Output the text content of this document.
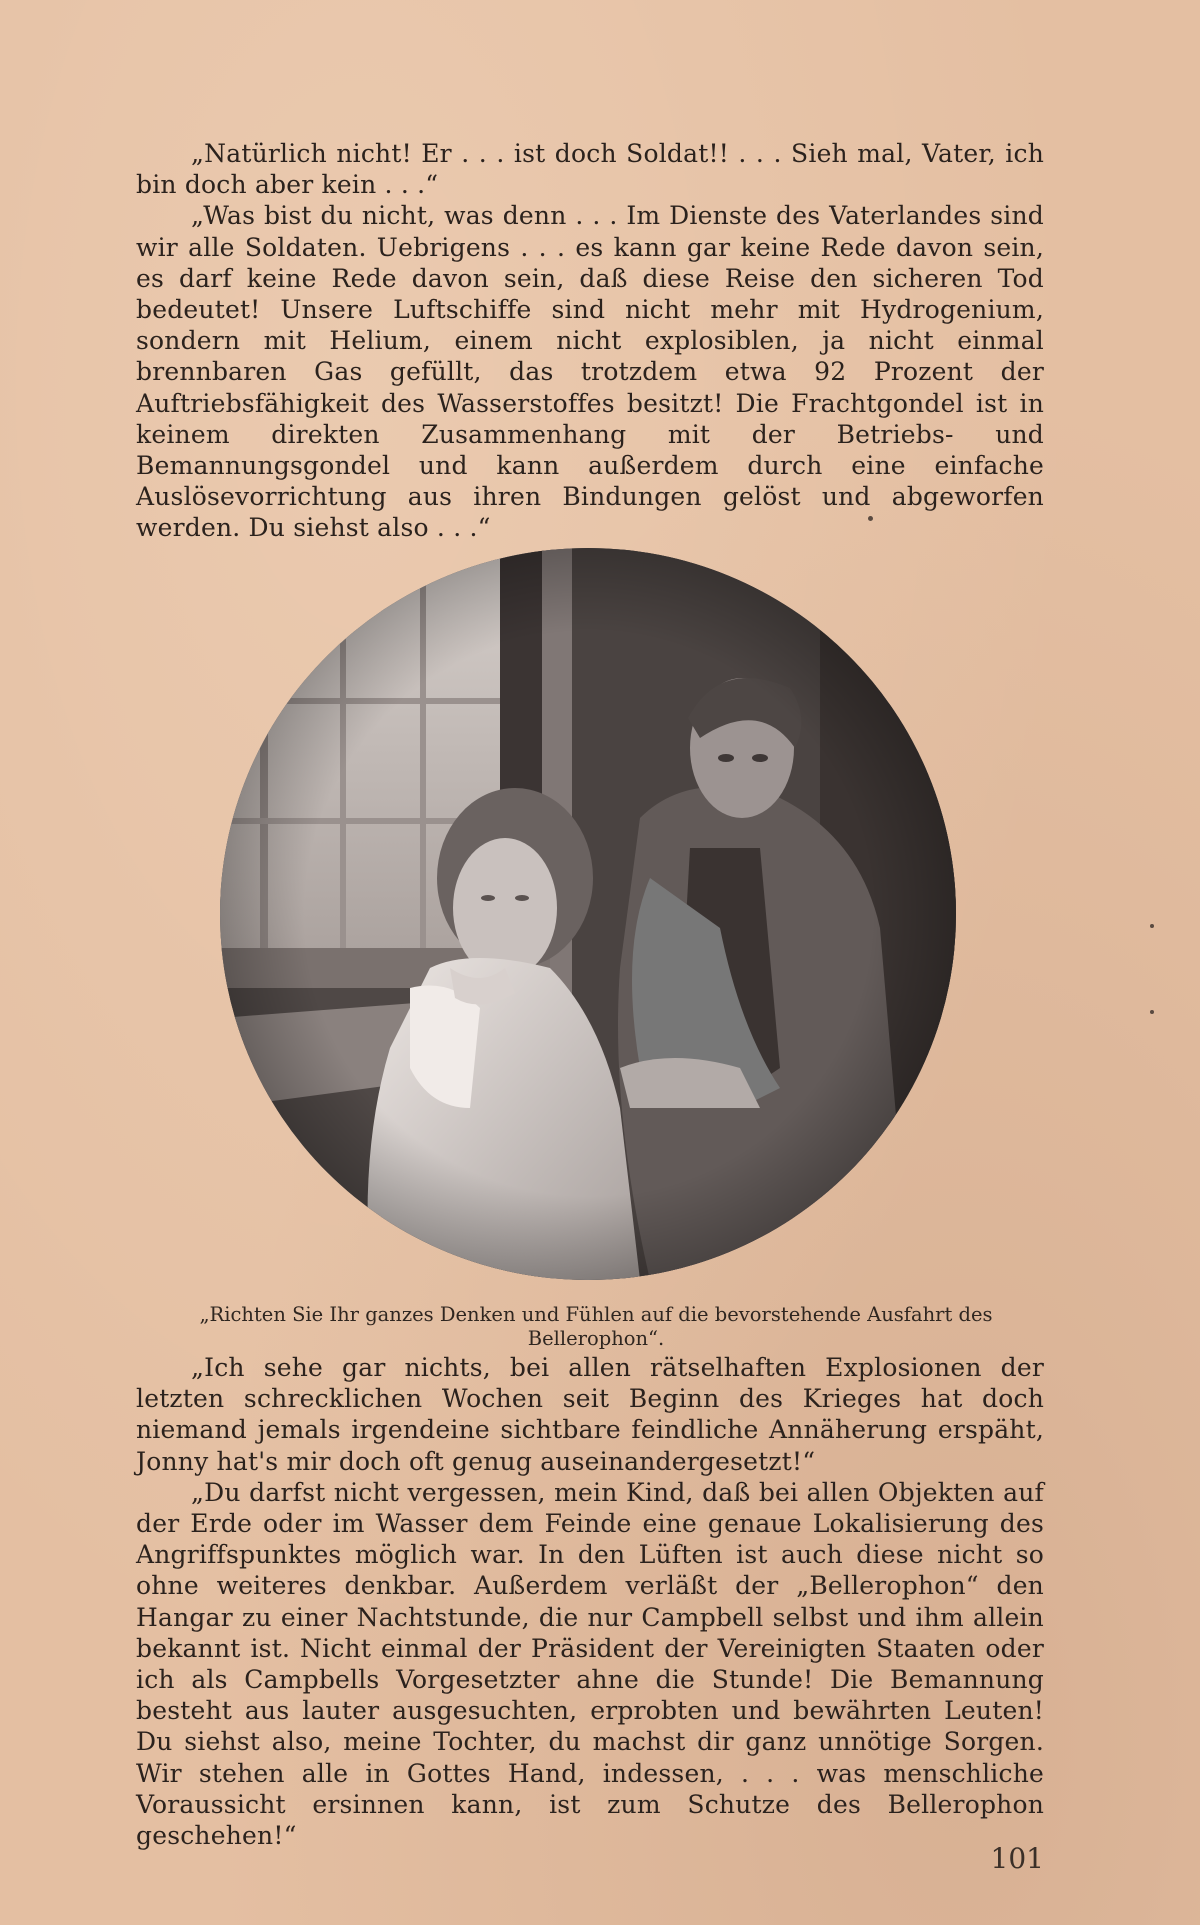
„Natürlich nicht! Er . . . ist doch Soldat!! . . . Sieh mal, Vater, ich bin doch aber kein . . .“

„Was bist du nicht, was denn . . . Im Dienste des Vaterlandes sind wir alle Soldaten. Uebrigens . . . es kann gar keine Rede davon sein, es darf keine Rede davon sein, daß diese Reise den sicheren Tod bedeutet! Unsere Luftschiffe sind nicht mehr mit Hydrogenium, sondern mit Helium, einem nicht explosiblen, ja nicht einmal brennbaren Gas gefüllt, das trotzdem etwa 92 Prozent der Auftriebsfähigkeit des Wasserstoffes besitzt! Die Frachtgondel ist in keinem direkten Zusammenhang mit der Betriebs- und Bemannungsgondel und kann außerdem durch eine einfache Auslösevorrichtung aus ihren Bindungen gelöst und abgeworfen werden. Du siehst also . . .“

„Richten Sie Ihr ganzes Denken und Fühlen auf die bevorstehende Ausfahrt des Bellerophon“.

„Ich sehe gar nichts, bei allen rätselhaften Explosionen der letzten schrecklichen Wochen seit Beginn des Krieges hat doch niemand jemals irgendeine sichtbare feindliche Annäherung erspäht, Jonny hat's mir doch oft genug auseinandergesetzt!“

„Du darfst nicht vergessen, mein Kind, daß bei allen Objekten auf der Erde oder im Wasser dem Feinde eine genaue Lokalisierung des Angriffspunktes möglich war. In den Lüften ist auch diese nicht so ohne weiteres denkbar. Außerdem verläßt der „Bellerophon“ den Hangar zu einer Nachtstunde, die nur Campbell selbst und ihm allein bekannt ist. Nicht einmal der Präsident der Vereinigten Staaten oder ich als Campbells Vorgesetzter ahne die Stunde! Die Bemannung besteht aus lauter ausgesuchten, erprobten und bewährten Leuten! Du siehst also, meine Tochter, du machst dir ganz unnötige Sorgen. Wir stehen alle in Gottes Hand, indessen, . . . was menschliche Voraussicht ersinnen kann, ist zum Schutze des Bellerophon geschehen!“

101
